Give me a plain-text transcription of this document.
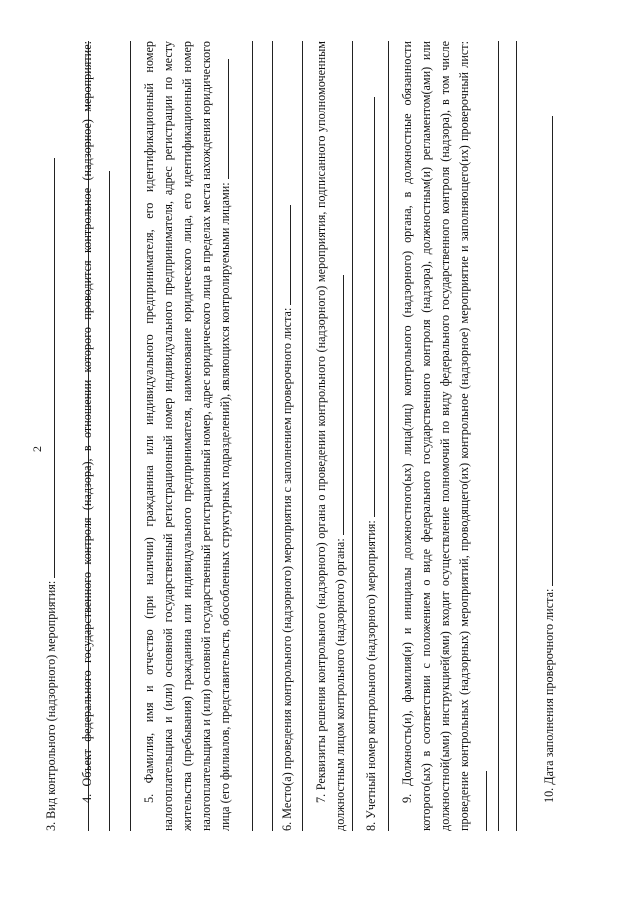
2

3. Вид контрольного (надзорного) мероприятия: 4. Объект федерального государственного контроля (надзора), в отношении которого проводится контрольное (надзорное) мероприятие:	5. Фамилия, имя и отчество (при наличии) гражданина или индивидуального предпринимателя, его идентификационный номер налогоплательщика и (или) основной государственный регистрационный номер индивидуального предпринимателя, адрес регистрации по месту жительства (пребывания) гражданина или индивидуального предпринимателя, наименование юридического лица, его идентификационный номер налогоплательщика и (или) основной государственный регистрационный номер, адрес юридического лица в пределах места нахождения юридического лица (его филиалов, представительств, обособленных структурных подразделений), являющихся контролируемыми лицами:	6. Место(а) проведения контрольного (надзорного) мероприятия с заполнением проверочного листа: 7. Реквизиты решения контрольного (надзорного) органа о проведении контрольного (надзорного) мероприятия, подписанного уполномоченным должностным лицом контрольного (надзорного) органа: 8. Учетный номер контрольного (надзорного) мероприятия: 9. Должность(и), фамилия(и) и инициалы должностного(ых) лица(лиц) контрольного (надзорного) органа, в должностные обязанности которого(ых) в соответствии с положением о виде федерального государственного контроля (надзора), должностным(и) регламентом(ами) или должностной(ыми) инструкцией(ями) входит осуществление полномочий по виду федерального государственного контроля (надзора), в том числе проведение контрольных (надзорных) мероприятий, проводящего(их) контрольное (надзорное) мероприятие и заполняющего(их) проверочный лист:	10. Дата заполнения проверочного листа:
